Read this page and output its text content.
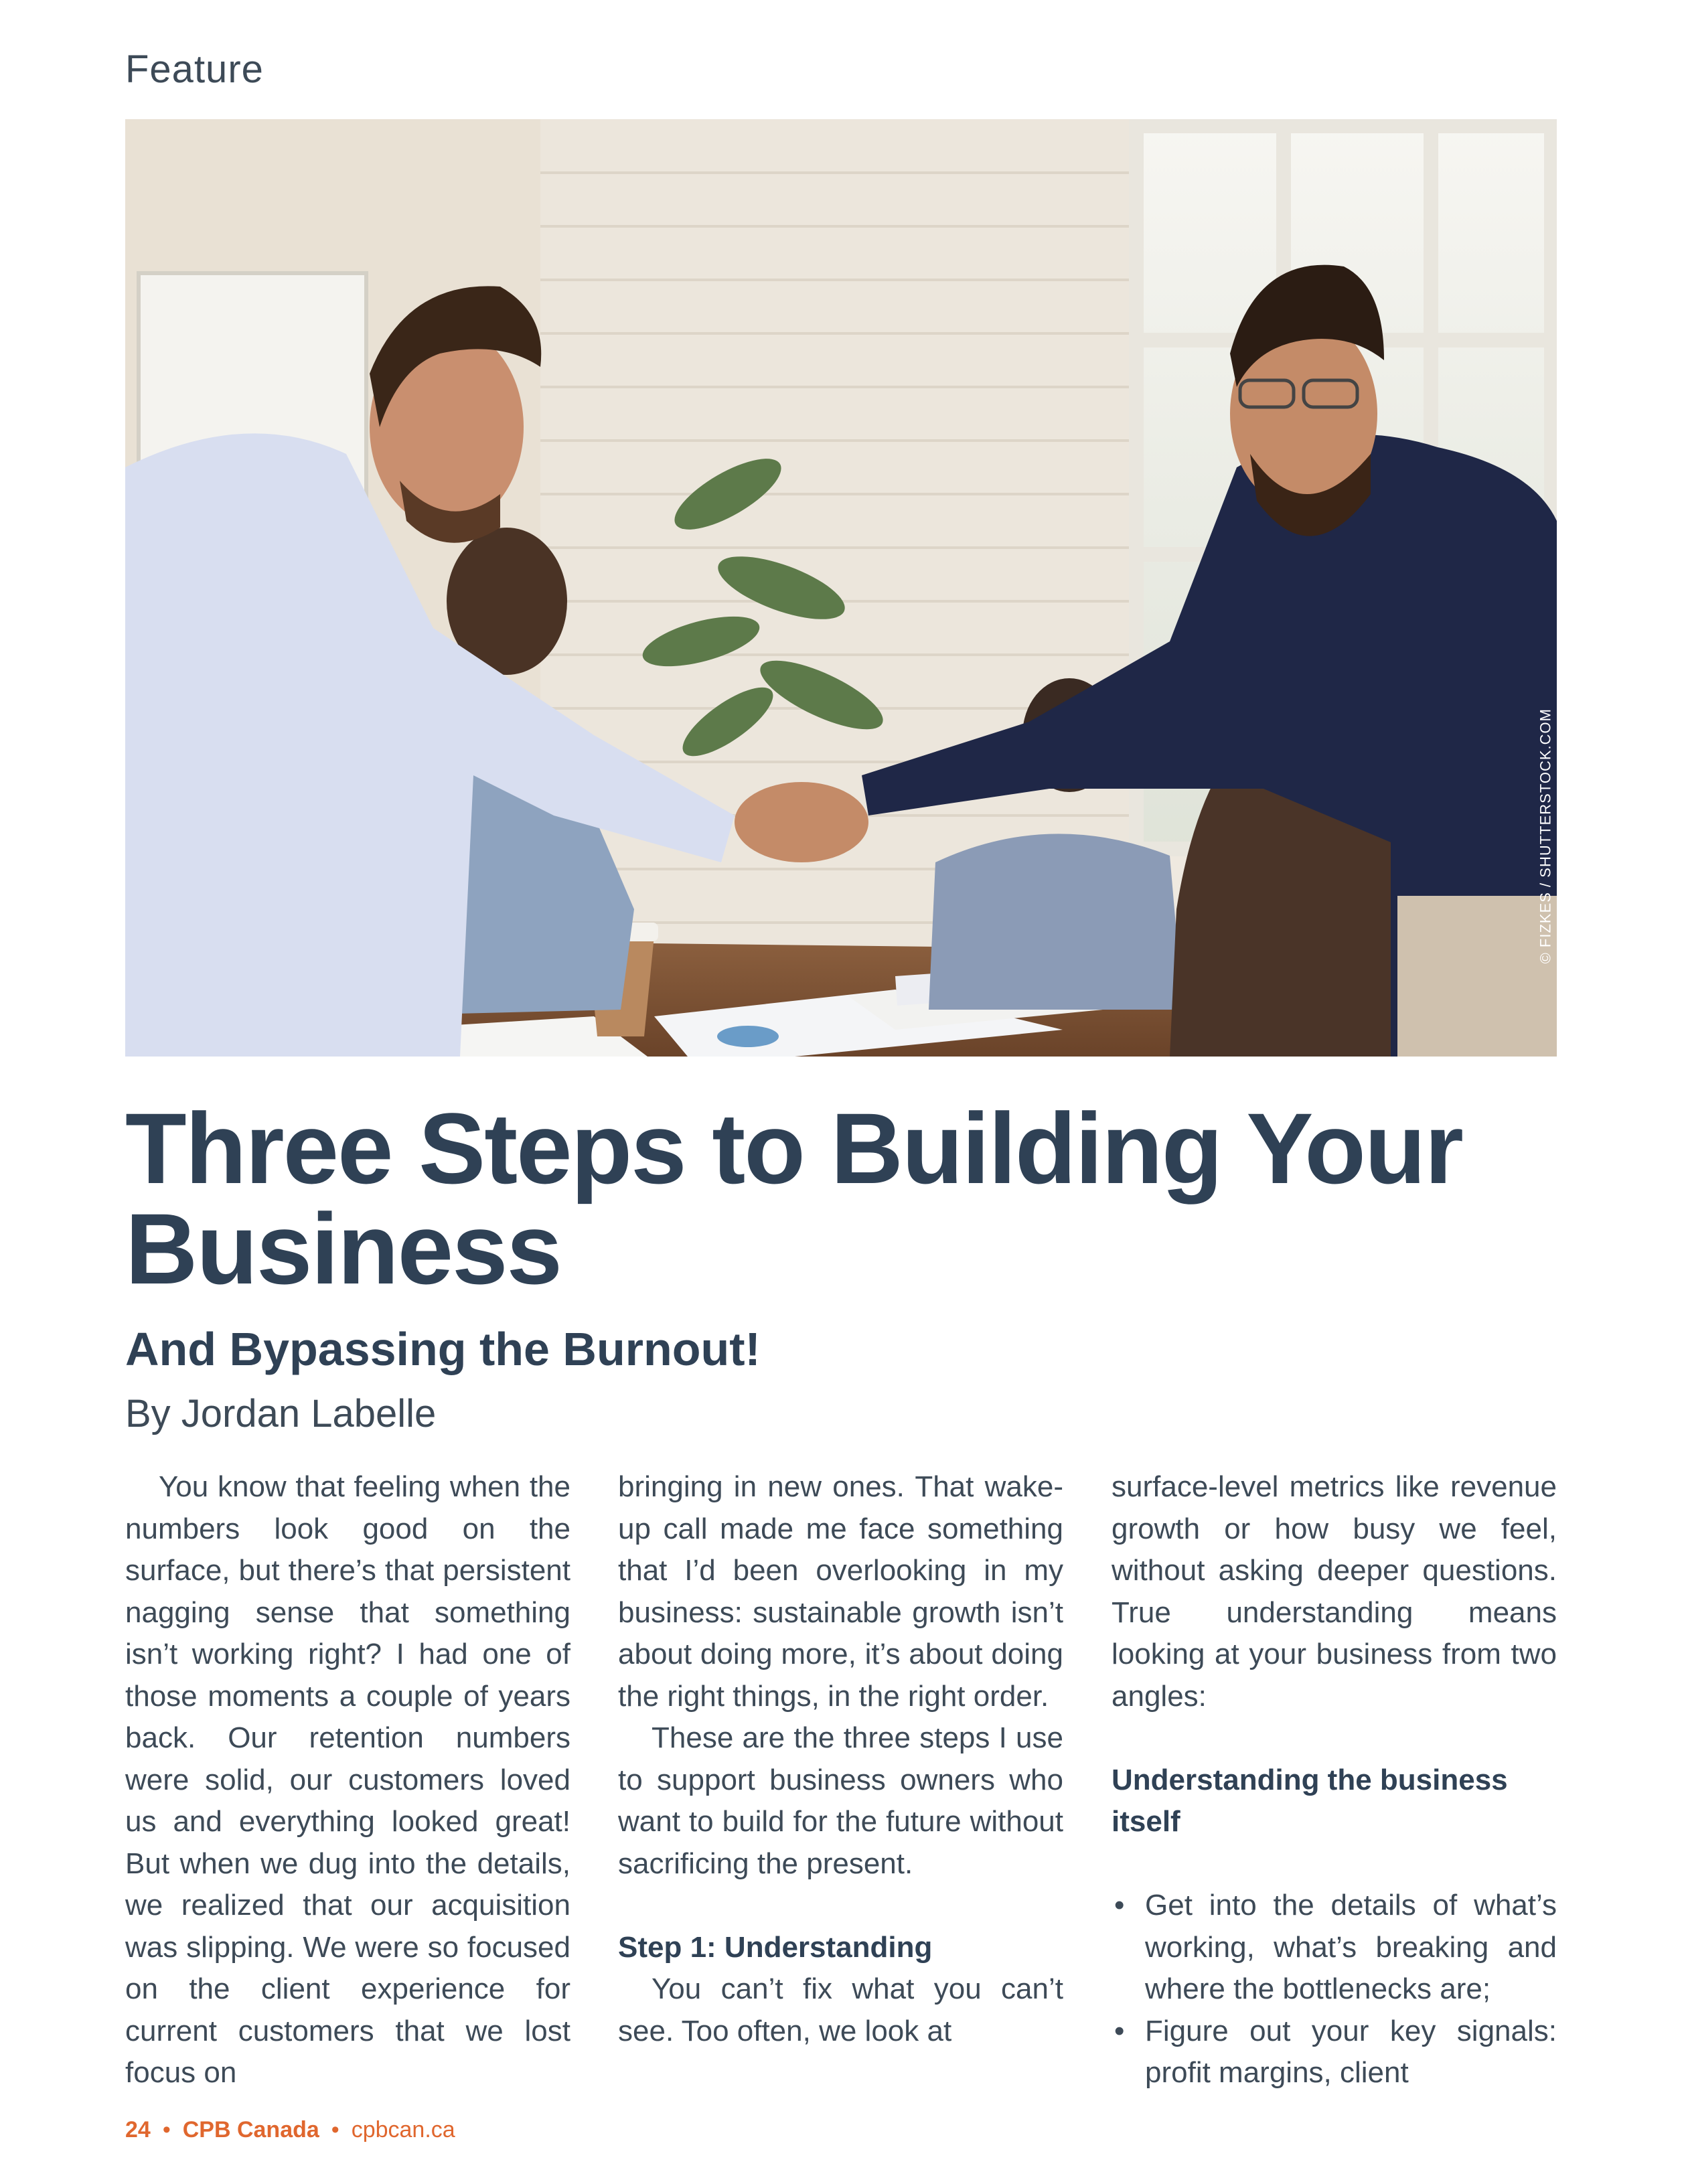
Feature
© FIZKES / SHUTTERSTOCK.COM
Three Steps to Building Your Business
And Bypassing the Burnout!
By Jordan Labelle

You know that feeling when the numbers look good on the surface, but there’s that persistent nagging sense that something isn’t working right? I had one of those moments a couple of years back. Our retention numbers were solid, our customers loved us and everything looked great! But when we dug into the details, we realized that our acquisition was slipping. We were so focused on the client experience for current customers that we lost focus on

bringing in new ones. That wake-up call made me face something that I’d been overlooking in my business: sustainable growth isn’t about doing more, it’s about doing the right things, in the right order.

These are the three steps I use to support business owners who want to build for the future without sacrificing the present.

Step 1: Understanding

You can’t fix what you can’t see. Too often, we look at

surface-level metrics like revenue growth or how busy we feel, without asking deeper questions. True understanding means looking at your business from two angles:

Understanding the business itself
• Get into the details of what’s working, what’s breaking and where the bottlenecks are;
• Figure out your key signals: profit margins, client
24 • CPB Canada • cpbcan.ca
